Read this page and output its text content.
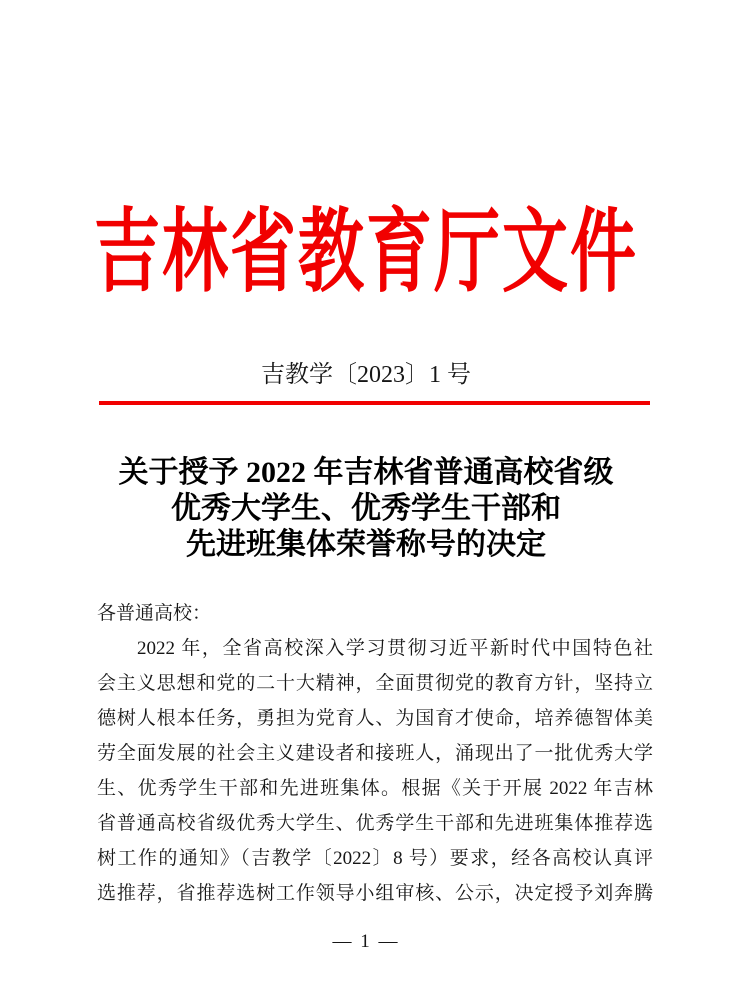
吉林省教育厅文件
吉教学〔2023〕1 号
关于授予 2022 年吉林省普通高校省级
优秀大学生、优秀学生干部和
先进班集体荣誉称号的决定
各普通高校：
2022 年，全省高校深入学习贯彻习近平新时代中国特色社
会主义思想和党的二十大精神，全面贯彻党的教育方针，坚持立
德树人根本任务，勇担为党育人、为国育才使命，培养德智体美
劳全面发展的社会主义建设者和接班人，涌现出了一批优秀大学
生、优秀学生干部和先进班集体。根据《关于开展 2022 年吉林
省普通高校省级优秀大学生、优秀学生干部和先进班集体推荐选
树工作的通知》（吉教学〔2022〕8 号）要求，经各高校认真评
选推荐，省推荐选树工作领导小组审核、公示，决定授予刘奔腾
— 1 —
